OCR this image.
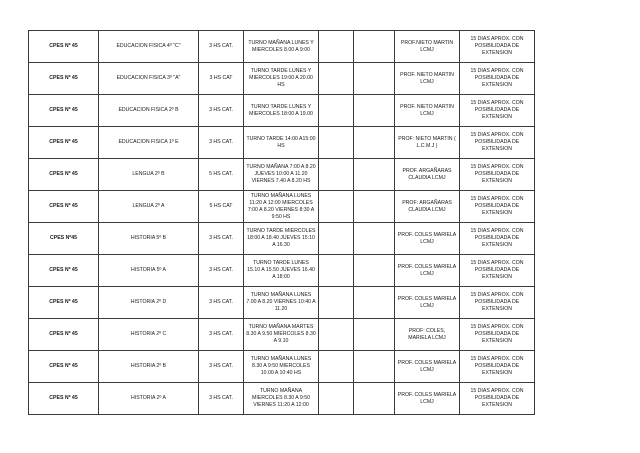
CPES Nº 45	EDUCACION FISICA 4º "C"	3 HS CAT.	TURNO MAÑANA LUNES Y MIERCOLES 8.00 A 9:00			PROF.NIETO MARTIN LCMJ	15 DIAS APROX. CON POSIBILIDADA DE EXTENSION
CPES Nº 45	EDUCACION FISICA 3º "A"	3 HS CAT	TURNO TARDE LUNES Y MIERCOLES 19:00 A 20.00 HS			PROF. NIETO MARTIN LCMJ	15 DIAS APROX. CON POSIBILIDADA DE EXTENSION
CPES Nº 45	EDUCACION FISICA 2º B	3 HS CAT.	TURNO TARDE LUNES Y MIERCOLES 18:00 A 19.00			PROF. NIETO MARTIN LCMJ	15 DIAS APROX. CON POSIBILIDADA DE EXTENSION
CPES Nº 45	EDUCACION FISICA 1º E	3 HS CAT.	TURNO TARDE 14:00 A15:00 HS			PROF: NIETO MARTIN ( L.C.M.J )	15 DIAS APROX. CON POSIBILIDADA DE EXTENSION
CPES Nº 45	LENGUA 2º B	5 HS CAT.	TURNO MAÑANA 7:00 A 8.20 JUEVES 10:00 A 11.20 VIERNES 7.40 A 8.20 HS			PROF. ARGAÑARAS CLAUDIA LCMJ	15 DIAS APROX. CON POSIBILIDADA DE EXTENSION
CPES Nº 45	LENGUA 2º A	5 HS CAT	TURNO MAÑANA LUNES 11:20 A 12:00 MIERCOLES 7:00 A 8.20 VIERNES 8:30 A 9:50 HS			PROF: ARGAÑARAS CLAUDIA LCMJ	15 DIAS APROX. CON POSIBILIDADA DE EXTENSION
CPES Nº45	HISTORIA 5º B	3 HS CAT.	TURNO TARDE MIERCOLES 18:00 A 18.40 JUEVES 15:10 A 16.30			PROF. COLES MARIELA LCMJ	15 DIAS APROX. CON POSIBILIDADA DE EXTENSION
CPES Nº 45	HISTORIA 5º A	3 HS CAT.	TURNO TARDE LUNES 15.10 A 15.50 JUEVES 16.40 A 18:00			PROF. COLES MARIELA LCMJ	15 DIAS APROX. CON POSIBILIDADA DE EXTENSION
CPES Nº 45	HISTORIA 2º D	3 HS CAT.	TURNO MAÑANA LUNES 7.00 A 8.20 VIERNES 10:40 A 11.20			PROF. COLES MARIELA LCMJ	15 DIAS APROX. CON POSIBILIDADA DE EXTENSION
CPES Nº 45	HISTORIA 2º C	3 HS CAT.	TURNO MAÑANA MARTES 8.30 A 9.50 MIERCOLES 8.30 A 9.10			PROF: COLES, MARIELA LCMJ	15 DIAS APROX. CON POSIBILIDADA DE EXTENSION
CPES Nº 45	HISTORIA 2º B	3 HS CAT.	TURNO MAÑANA LUNES 8.30 A 9:50 MIERCOLES 10.00 A 10:40 HS			PROF. COLES MARIELA LCMJ	15 DIAS APROX. CON POSIBILIDADA DE EXTENSION
CPES Nº 45	HISTORIA 2º A	3 HS CAT.	TURNO MAÑANA MIERCOLES 8.30 A 9:50 VIERNES 11:20 A 12:00			PROF. COLES MARIELA LCMJ	15 DIAS APROX. CON POSIBILIDADA DE EXTENSION
